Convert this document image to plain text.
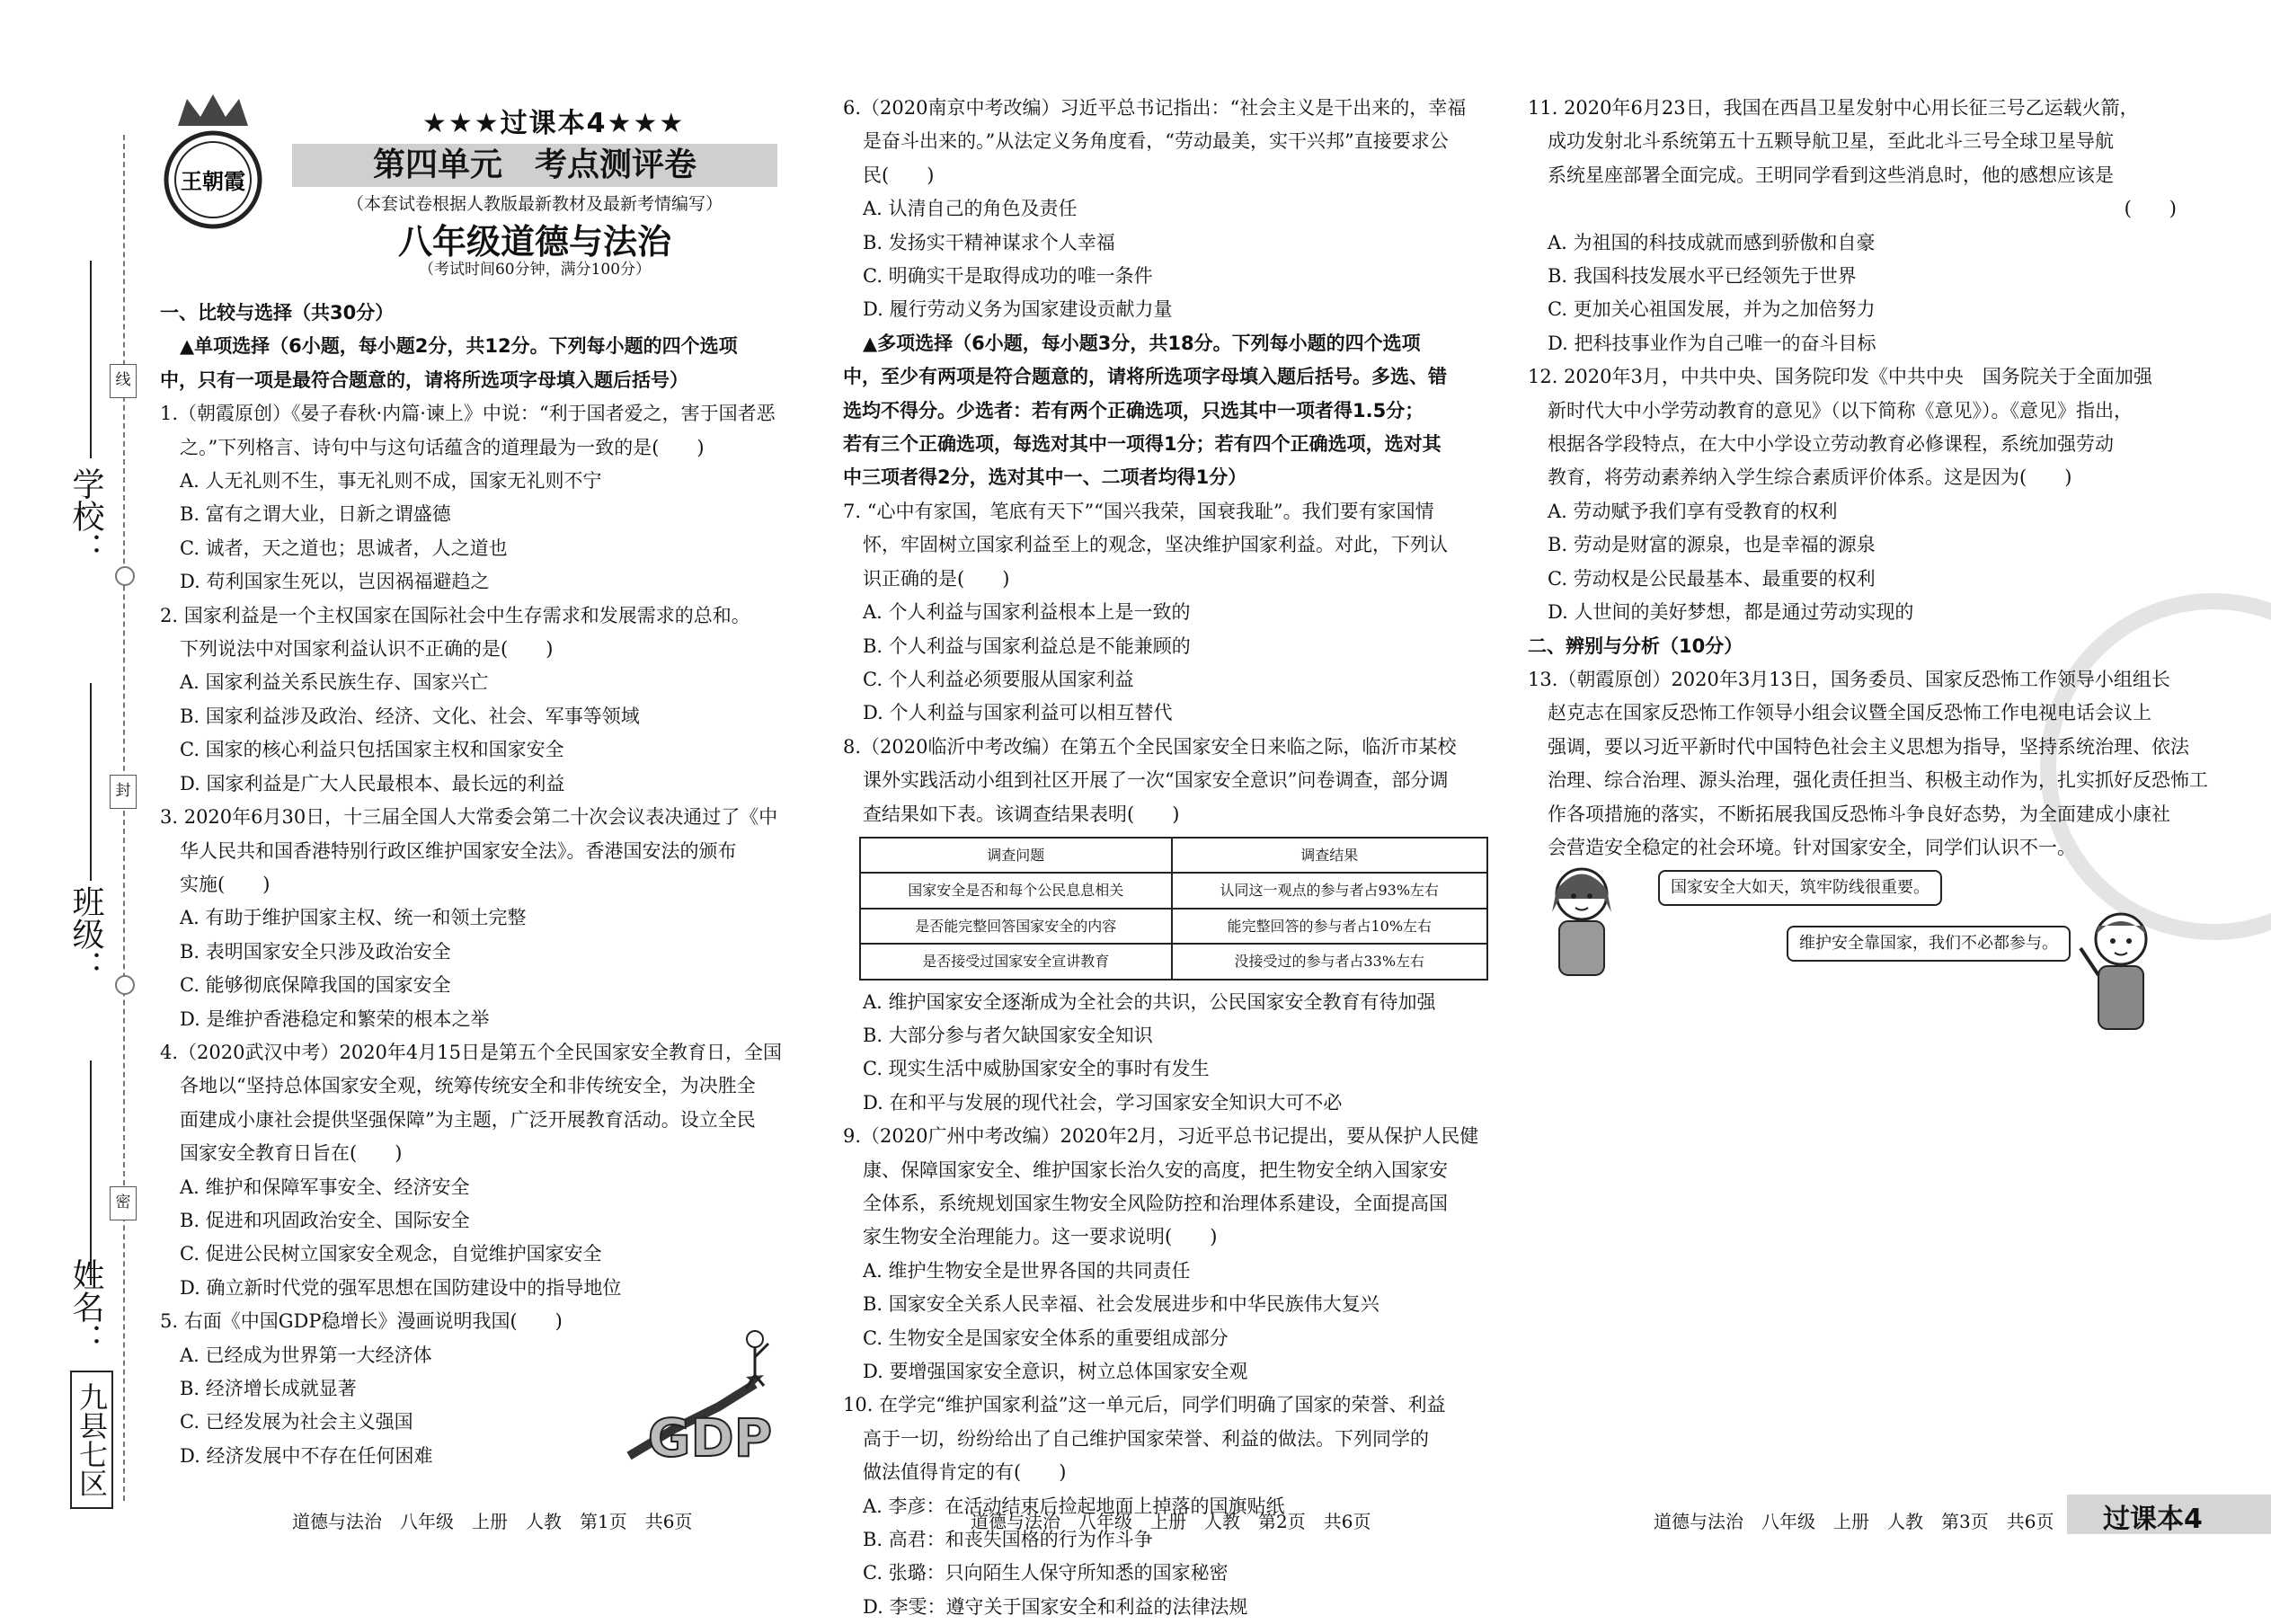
学校：
班级：
姓名：
线
封
密
九县七区
王朝霞
★★★过课本4★★★
第四单元　考点测评卷
（本套试卷根据人教版最新教材及最新考情编写）
八年级道德与法治
（考试时间60分钟，满分100分）

一、比较与选择（共30分）

▲单项选择（6小题，每小题2分，共12分。下列每小题的四个选项

中，只有一项是最符合题意的，请将所选项字母填入题后括号）

1.（朝霞原创）《晏子春秋·内篇·谏上》中说：“利于国者爱之，害于国者恶

之。”下列格言、诗句中与这句话蕴含的道理最为一致的是(　　)

A. 人无礼则不生，事无礼则不成，国家无礼则不宁

B. 富有之谓大业，日新之谓盛德

C. 诚者，天之道也；思诚者，人之道也

D. 苟利国家生死以，岂因祸福避趋之

2. 国家利益是一个主权国家在国际社会中生存需求和发展需求的总和。

下列说法中对国家利益认识不正确的是(　　)

A. 国家利益关系民族生存、国家兴亡

B. 国家利益涉及政治、经济、文化、社会、军事等领域

C. 国家的核心利益只包括国家主权和国家安全

D. 国家利益是广大人民最根本、最长远的利益

3. 2020年6月30日，十三届全国人大常委会第二十次会议表决通过了《中

华人民共和国香港特别行政区维护国家安全法》。香港国安法的颁布

实施(　　)

A. 有助于维护国家主权、统一和领土完整

B. 表明国家安全只涉及政治安全

C. 能够彻底保障我国的国家安全

D. 是维护香港稳定和繁荣的根本之举

4.（2020武汉中考）2020年4月15日是第五个全民国家安全教育日，全国

各地以“坚持总体国家安全观，统筹传统安全和非传统安全，为决胜全

面建成小康社会提供坚强保障”为主题，广泛开展教育活动。设立全民

国家安全教育日旨在(　　)

A. 维护和保障军事安全、经济安全

B. 促进和巩固政治安全、国际安全

C. 促进公民树立国家安全观念，自觉维护国家安全

D. 确立新时代党的强军思想在国防建设中的指导地位

5. 右面《中国GDP稳增长》漫画说明我国(　　)

A. 已经成为世界第一大经济体

B. 经济增长成就显著

C. 已经发展为社会主义强国

D. 经济发展中不存在任何困难

6.（2020南京中考改编）习近平总书记指出：“社会主义是干出来的，幸福

是奋斗出来的。”从法定义务角度看，“劳动最美，实干兴邦”直接要求公

民(　　)

A. 认清自己的角色及责任

B. 发扬实干精神谋求个人幸福

C. 明确实干是取得成功的唯一条件

D. 履行劳动义务为国家建设贡献力量

▲多项选择（6小题，每小题3分，共18分。下列每小题的四个选项

中，至少有两项是符合题意的，请将所选项字母填入题后括号。多选、错

选均不得分。少选者：若有两个正确选项，只选其中一项者得1.5分；

若有三个正确选项，每选对其中一项得1分；若有四个正确选项，选对其

中三项者得2分，选对其中一、二项者均得1分）

7. “心中有家国，笔底有天下”“国兴我荣，国衰我耻”。我们要有家国情

怀，牢固树立国家利益至上的观念，坚决维护国家利益。对此，下列认

识正确的是(　　)

A. 个人利益与国家利益根本上是一致的

B. 个人利益与国家利益总是不能兼顾的

C. 个人利益必须要服从国家利益

D. 个人利益与国家利益可以相互替代

8.（2020临沂中考改编）在第五个全民国家安全日来临之际，临沂市某校

课外实践活动小组到社区开展了一次“国家安全意识”问卷调查，部分调

查结果如下表。该调查结果表明(　　)

调查问题	调查结果
国家安全是否和每个公民息息相关	认同这一观点的参与者占93%左右
是否能完整回答国家安全的内容	能完整回答的参与者占10%左右
是否接受过国家安全宣讲教育	没接受过的参与者占33%左右

A. 维护国家安全逐渐成为全社会的共识，公民国家安全教育有待加强

B. 大部分参与者欠缺国家安全知识

C. 现实生活中威胁国家安全的事时有发生

D. 在和平与发展的现代社会，学习国家安全知识大可不必

9.（2020广州中考改编）2020年2月，习近平总书记提出，要从保护人民健

康、保障国家安全、维护国家长治久安的高度，把生物安全纳入国家安

全体系，系统规划国家生物安全风险防控和治理体系建设，全面提高国

家生物安全治理能力。这一要求说明(　　)

A. 维护生物安全是世界各国的共同责任

B. 国家安全关系人民幸福、社会发展进步和中华民族伟大复兴

C. 生物安全是国家安全体系的重要组成部分

D. 要增强国家安全意识，树立总体国家安全观

10. 在学完“维护国家利益”这一单元后，同学们明确了国家的荣誉、利益

高于一切，纷纷给出了自己维护国家荣誉、利益的做法。下列同学的

做法值得肯定的有(　　)

A. 李彦：在活动结束后捡起地面上掉落的国旗贴纸

B. 高君：和丧失国格的行为作斗争

C. 张璐：只向陌生人保守所知悉的国家秘密

D. 李雯：遵守关于国家安全和利益的法律法规

11. 2020年6月23日，我国在西昌卫星发射中心用长征三号乙运载火箭，

成功发射北斗系统第五十五颗导航卫星，至此北斗三号全球卫星导航

系统星座部署全面完成。王明同学看到这些消息时，他的感想应该是

(　　)

A. 为祖国的科技成就而感到骄傲和自豪

B. 我国科技发展水平已经领先于世界

C. 更加关心祖国发展，并为之加倍努力

D. 把科技事业作为自己唯一的奋斗目标

12. 2020年3月，中共中央、国务院印发《中共中央　国务院关于全面加强

新时代大中小学劳动教育的意见》（以下简称《意见》）。《意见》指出，

根据各学段特点，在大中小学设立劳动教育必修课程，系统加强劳动

教育，将劳动素养纳入学生综合素质评价体系。这是因为(　　)

A. 劳动赋予我们享有受教育的权利

B. 劳动是财富的源泉，也是幸福的源泉

C. 劳动权是公民最基本、最重要的权利

D. 人世间的美好梦想，都是通过劳动实现的

二、辨别与分析（10分）

13.（朝霞原创）2020年3月13日，国务委员、国家反恐怖工作领导小组组长

赵克志在国家反恐怖工作领导小组会议暨全国反恐怖工作电视电话会议上

强调，要以习近平新时代中国特色社会主义思想为指导，坚持系统治理、依法

治理、综合治理、源头治理，强化责任担当、积极主动作为，扎实抓好反恐怖工

作各项措施的落实，不断拓展我国反恐怖斗争良好态势，为全面建成小康社

会营造安全稳定的社会环境。针对国家安全，同学们认识不一。

GDP
国家安全大如天，筑牢防线很重要。
维护安全靠国家，我们不必都参与。
道德与法治　八年级　上册　人教　第1页　共6页	道德与法治　八年级　上册　人教　第2页　共6页	道德与法治　八年级　上册　人教　第3页　共6页 过课本4
